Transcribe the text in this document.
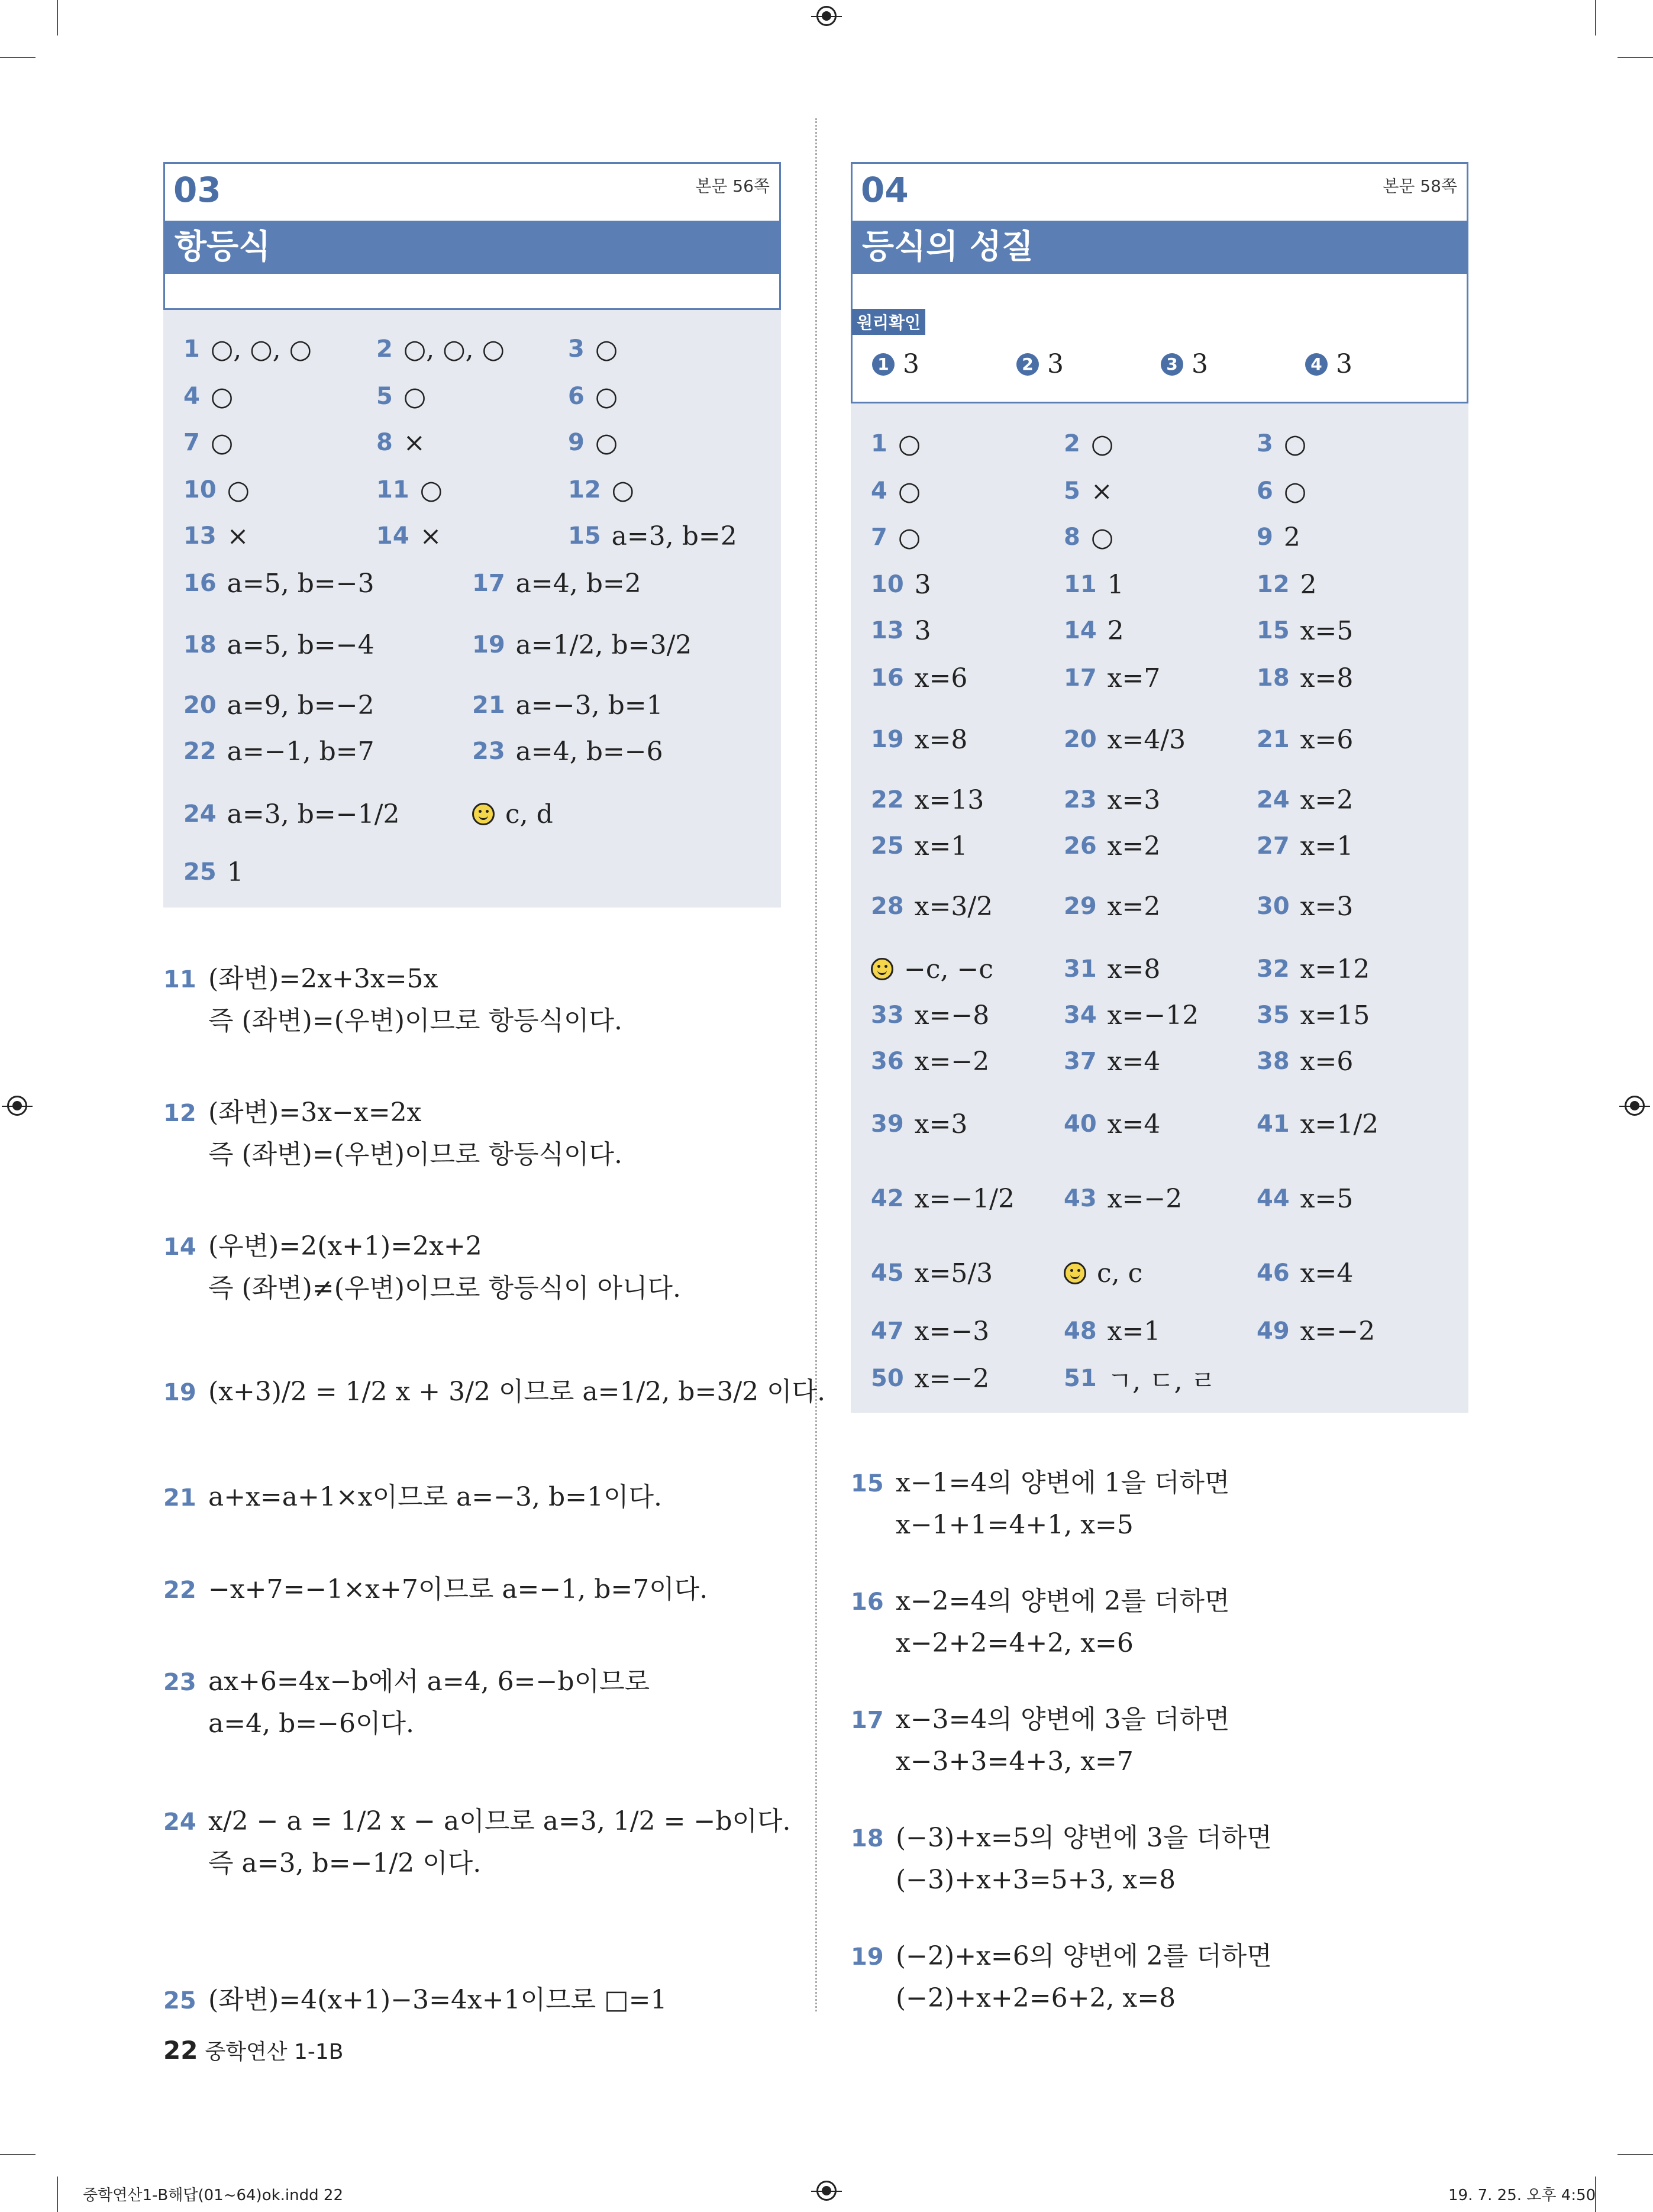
03	본문 56쪽
항등식
1 ○, ○, ○	2 ○, ○, ○	3 ○
4 ○	5 ○	6 ○
7 ○	8 ×	9 ○
10 ○	11 ○	12 ○
13 ×	14 ×	15 a=3, b=2
16 a=5, b=−3	17 a=4, b=2
18 a=5, b=−4	19 a=1/2, b=3/2
20 a=9, b=−2	21 a=−3, b=1
22 a=−1, b=7	23 a=4, b=−6
24 a=3, b=−1/2	c, d
25 1
11 (좌변)=2x+3x=5x
즉 (좌변)=(우변)이므로 항등식이다.
12 (좌변)=3x−x=2x
즉 (좌변)=(우변)이므로 항등식이다.
14 (우변)=2(x+1)=2x+2
즉 (좌변)≠(우변)이므로 항등식이 아니다.
19 (x+3)/2 = 1/2 x + 3/2 이므로 a=1/2, b=3/2 이다.
21 a+x=a+1×x이므로 a=−3, b=1이다.
22 −x+7=−1×x+7이므로 a=−1, b=7이다.
23 ax+6=4x−b에서 a=4, 6=−b이므로
a=4, b=−6이다.
24 x/2 − a = 1/2 x − a이므로 a=3, 1/2 = −b이다.
즉 a=3, b=−1/2 이다.
25 (좌변)=4(x+1)−3=4x+1이므로 □=1
04	본문 58쪽
등식의 성질
원리확인
1 3	2 3	3 3	4 3
1 ○	2 ○	3 ○
4 ○	5 ×	6 ○
7 ○	8 ○	9 2
10 3	11 1	12 2
13 3	14 2	15 x=5
16 x=6	17 x=7	18 x=8
19 x=8	20 x=4/3	21 x=6
22 x=13	23 x=3	24 x=2
25 x=1	26 x=2	27 x=1
28 x=3/2	29 x=2	30 x=3
−c, −c	31 x=8	32 x=12
33 x=−8	34 x=−12 35 x=15
36 x=−2	37 x=4	38 x=6
39 x=3	40 x=4	41 x=1/2
42 x=−1/2 43 x=−2	44 x=5
45 x=5/3	c, c	46 x=4
47 x=−3	48 x=1	49 x=−2
50 x=−2	51 ㄱ, ㄷ, ㄹ
15 x−1=4의 양변에 1을 더하면
x−1+1=4+1, x=5
16 x−2=4의 양변에 2를 더하면
x−2+2=4+2, x=6
17 x−3=4의 양변에 3을 더하면
x−3+3=4+3, x=7
18 (−3)+x=5의 양변에 3을 더하면
(−3)+x+3=5+3, x=8
19 (−2)+x=6의 양변에 2를 더하면
(−2)+x+2=6+2, x=8
22 중학연산 1-1B
중학연산1-B해답(01~64)ok.indd 22	19. 7. 25. 오후 4:50
